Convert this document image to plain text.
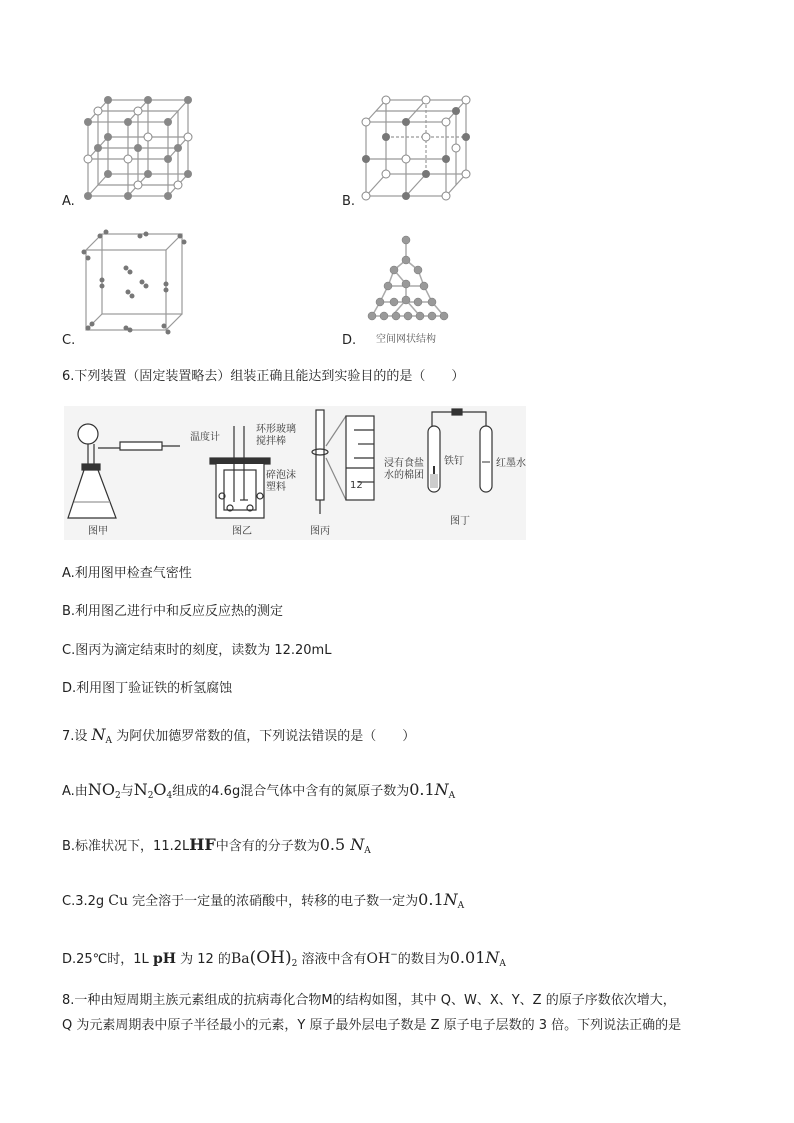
A.	B.
C.	空间网状结构
D.
6.下列装置（固定装置略去）组装正确且能达到实验目的的是（　　）
图甲
温度计
环形玻璃
搅拌棒
碎泡沫
塑料
图乙
12
图丙
浸有食盐
水的棉团
铁钉	红墨水
图丁
A.利用图甲检查气密性
B.利用图乙进行中和反应反应热的测定
C.图丙为滴定结束时的刻度，读数为 12.20mL
D.利用图丁验证铁的析氢腐蚀
7.设 $N_A$ 为阿伏加德罗常数的值，下列说法错误的是（　　）
A.由$NO_2$与$N_2O_4$组成的4.6g混合气体中含有的氮原子数为$0.1N_A$
B.标准状况下，11.2LHF中含有的分子数为0.5 $N_A$
C.3.2g Cu 完全溶于一定量的浓硝酸中，转移的电子数一定为$0.1N_A$
D.25℃时，1L pH 为 12 的$Ba(OH)_2$ 溶液中含有OH−的数目为$0.01N_A$
8.一种由短周期主族元素组成的抗病毒化合物M的结构如图，其中 Q、W、X、Y、Z 的原子序数依次增大，
Q 为元素周期表中原子半径最小的元素，Y 原子最外层电子数是 Z 原子电子层数的 3 倍。下列说法正确的是
